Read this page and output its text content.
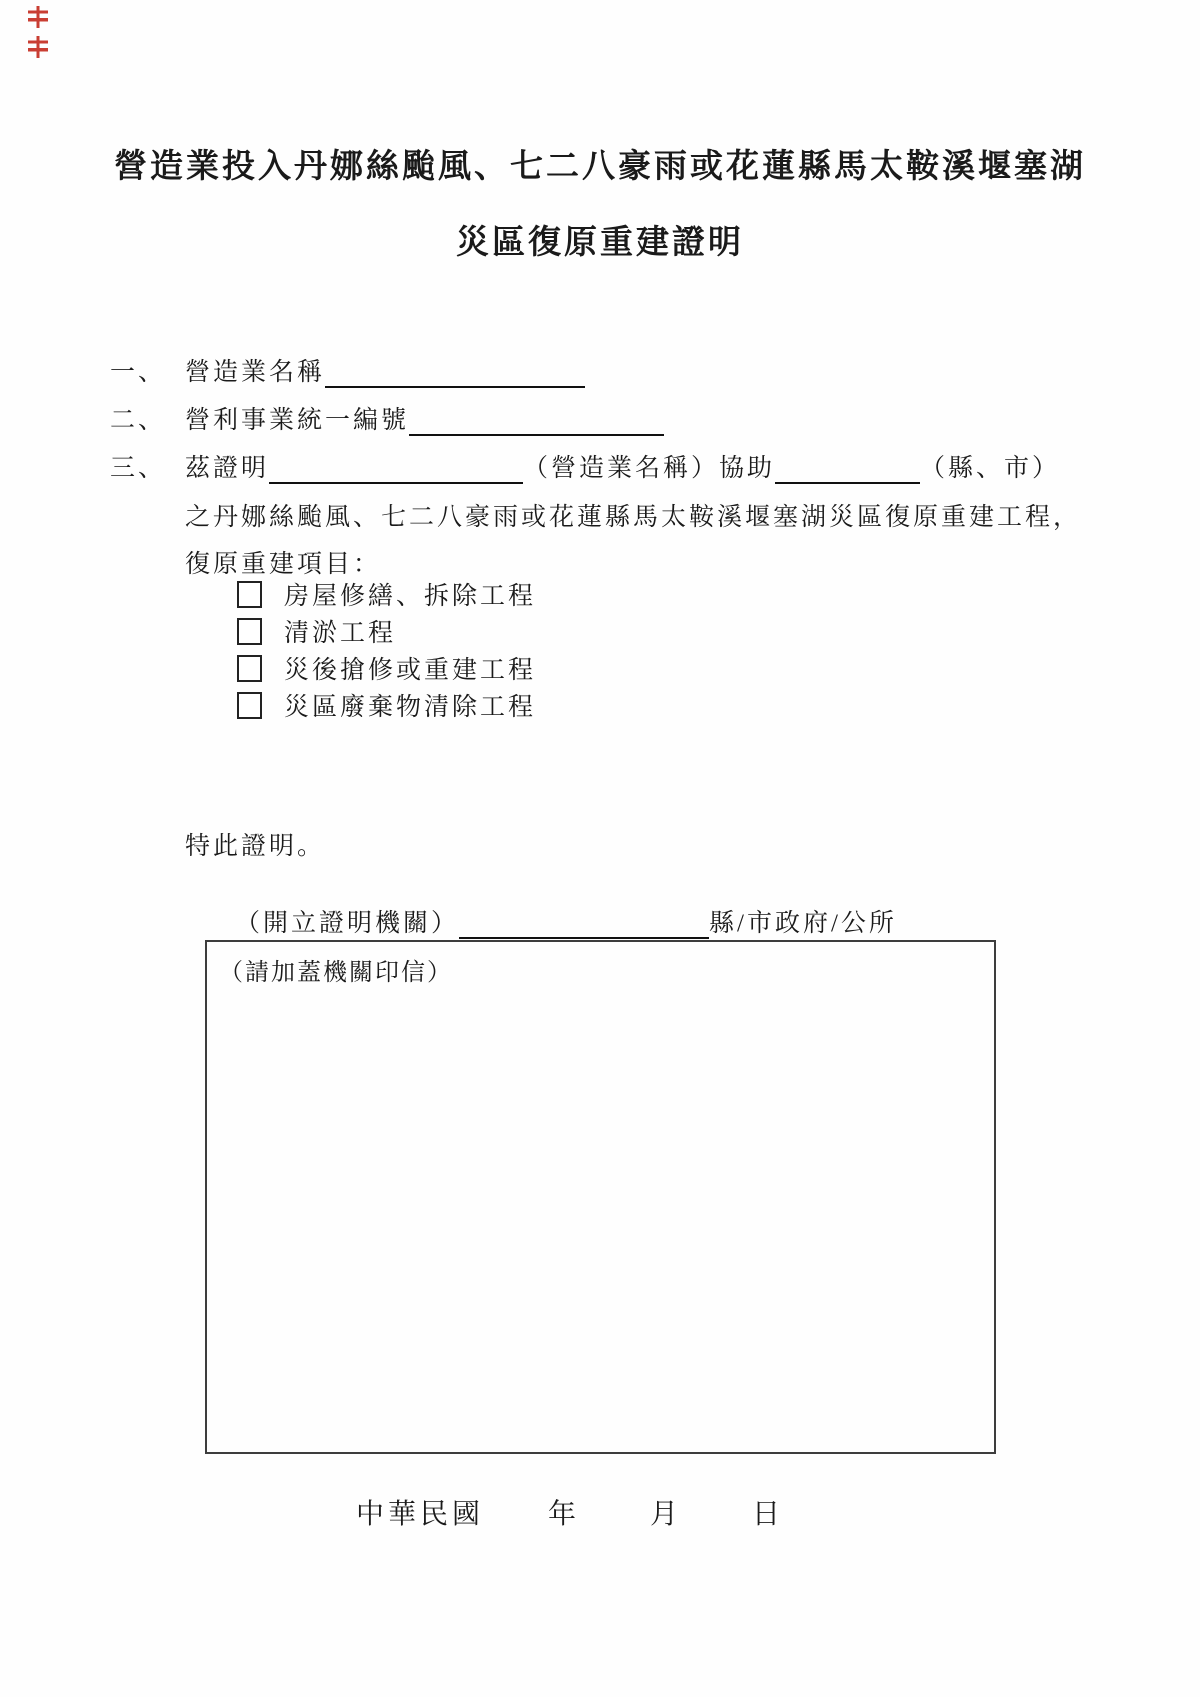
營造業投入丹娜絲颱風、七二八豪雨或花蓮縣馬太鞍溪堰塞湖
災區復原重建證明
一、 營造業名稱
二、 營利事業統一編號
三、 茲證明	（營造業名稱）協助	（縣、市）
之丹娜絲颱風、七二八豪雨或花蓮縣馬太鞍溪堰塞湖災區復原重建工程，
復原重建項目：
房屋修繕、拆除工程
清淤工程
災後搶修或重建工程
災區廢棄物清除工程
特此證明。
（開立證明機關）	縣/市政府/公所
（請加蓋機關印信）
中華民國 年 月 日
